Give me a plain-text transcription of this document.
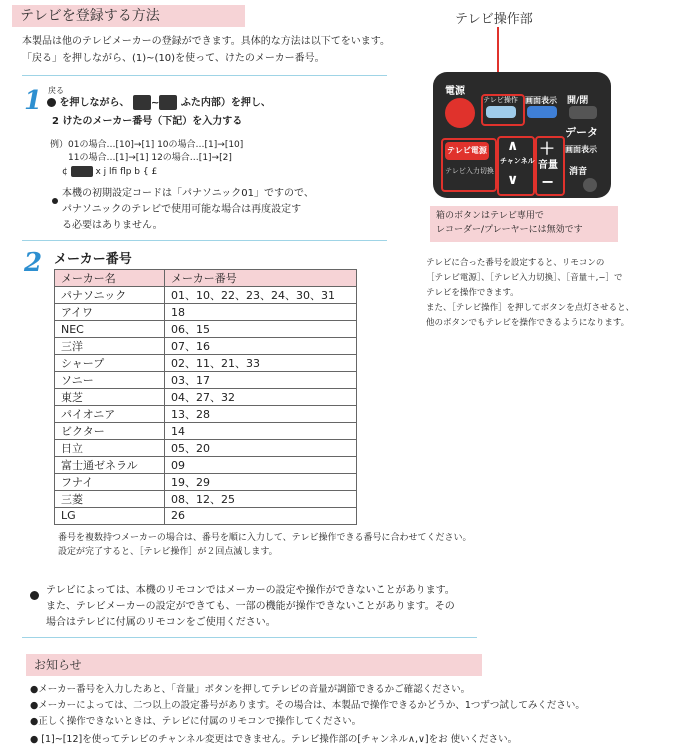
テレビを登録する方法
本製品は他のテレビメーカーの登録ができます。具体的な方法は以下てをいます。
「戻る」を押しながら、(1)~(10)を使って、けたのメーカー番号。
1 戻る
を押しながら、 ~ ふた内部）を押し、
2 けたのメーカー番号（下記）を入力する
例）01の場合…[10]→[1] 10の場合…[1]→[10]
11の場合…[1]→[1] 12の場合…[1]→[2]
¢	x j lfi flp b { £
本機の初期設定コードは「パナソニック01」ですので、
パナソニックのテレビで使用可能な場合は再度設定す
る必要はありません。
2 メーカー番号
メーカー名	メーカー番号
パナソニック	01、10、22、23、24、30、31
アイワ	18
NEC	06、15
三洋	07、16
シャープ	02、11、21、33
ソニー	03、17
東芝	04、27、32
パイオニア	13、28
ビクター	14
日立	05、20
富士通ゼネラル	09
フナイ	19、29
三菱	08、12、25
LG	26
番号を複数持つメーカーの場合は、番号を順に入力して、テレビ操作できる番号に合わせてください。
設定が完了すると、［テレビ操作］が２回点滅します。
テレビによっては、本機のリモコンではメーカーの設定や操作ができないことがあります。
また、テレビメーカーの設定ができても、一部の機能が操作できないことがあります。その
場合はテレビに付属のリモコンをご使用ください。
テレビ操作部
電源
テレビ操作 画面表示 開/閉
データ
画面表示
消音
テレビ電源
テレビ入力切換
∧
チャンネル
∨
＋
音量
−
箱のボタンはテレビ専用で
レコーダー/プレーヤーには無効です
テレビに合った番号を設定すると、リモコンの
［テレビ電源］、［テレビ入力切換］、［音量＋,−］で
テレビを操作できます。
また、［テレビ操作］を押してボタンを点灯させると、
他のボタンでもテレビを操作できるようになります。
お知らせ
●メーカー番号を入力したあと、「音量」ボタンを押してテレビの音量が調節できるかご確認ください。
●メーカーによっては、二つ以上の設定番号があります。その場合は、本製品で操作できるかどうか、1つずつ試してみください。
●正しく操作できないときは、テレビに付属のリモコンで操作してください。
● [1]~[12]を使ってテレビのチャンネル変更はできません。テレビ操作部の[チャンネル∧,∨]をお 使いください。
